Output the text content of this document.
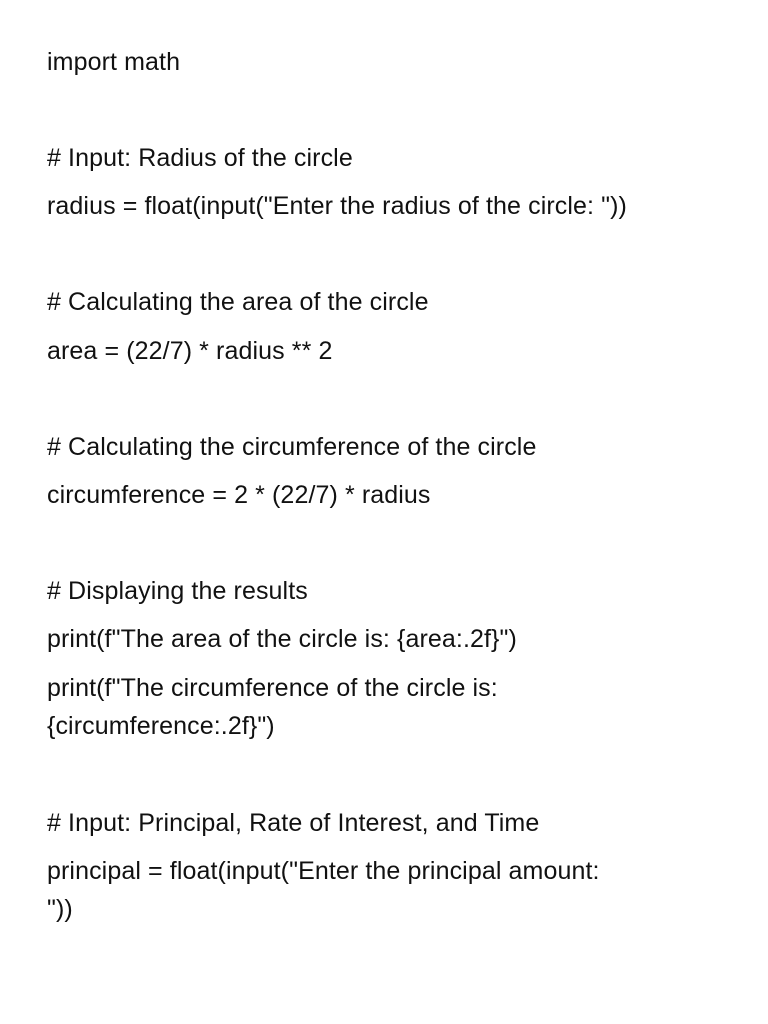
import math
# Input: Radius of the circle
radius = float(input("Enter the radius of the circle: "))
# Calculating the area of the circle
area = (22/7) * radius ** 2
# Calculating the circumference of the circle
circumference = 2 * (22/7) * radius
# Displaying the results
print(f"The area of the circle is: {area:.2f}")
print(f"The circumference of the circle is:
{circumference:.2f}")
# Input: Principal, Rate of Interest, and Time
principal = float(input("Enter the principal amount:
"))
